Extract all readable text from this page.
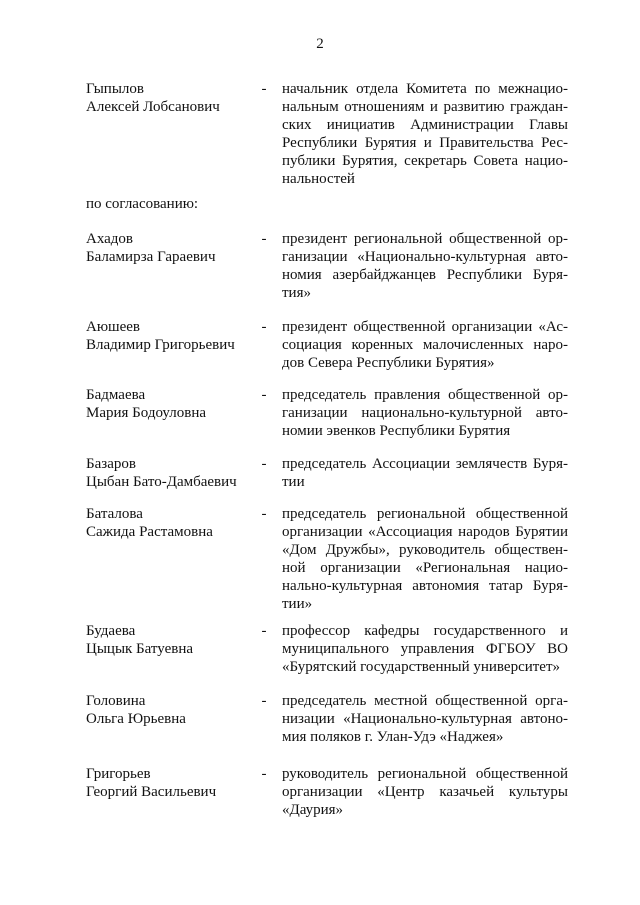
2
Гыпылов
Алексей Лобсанович
- начальник отдела Комитета по межнацио-
нальным отношениям и развитию граждан-
ских инициатив Администрации Главы
Республики Бурятия и Правительства Рес-
публики Бурятия, секретарь Совета нацио-
нальностей
по согласованию:
Ахадов
Баламирза Гараевич
- президент региональной общественной ор-
ганизации «Национально-культурная авто-
номия азербайджанцев Республики Буря-
тия»
Аюшеев
Владимир Григорьевич
- президент общественной организации «Ас-
социация коренных малочисленных наро-
дов Севера Республики Бурятия»
Бадмаева
Мария Бодоуловна
- председатель правления общественной ор-
ганизации национально-культурной авто-
номии эвенков Республики Бурятия
Базаров
Цыбан Бато-Дамбаевич
- председатель Ассоциации землячеств Буря-
тии
Баталова
Сажида Растамовна
- председатель региональной общественной
организации «Ассоциация народов Бурятии
«Дом Дружбы», руководитель обществен-
ной организации «Региональная нацио-
нально-культурная автономия татар Буря-
тии»
Будаева
Цыцык Батуевна
- профессор кафедры государственного и
муниципального управления ФГБОУ ВО
«Бурятский государственный университет»
Головина
Ольга Юрьевна
- председатель местной общественной орга-
низации «Национально-культурная автоно-
мия поляков г. Улан-Удэ «Наджея»
Григорьев
Георгий Васильевич
- руководитель региональной общественной
организации «Центр казачьей культуры
«Даурия»
